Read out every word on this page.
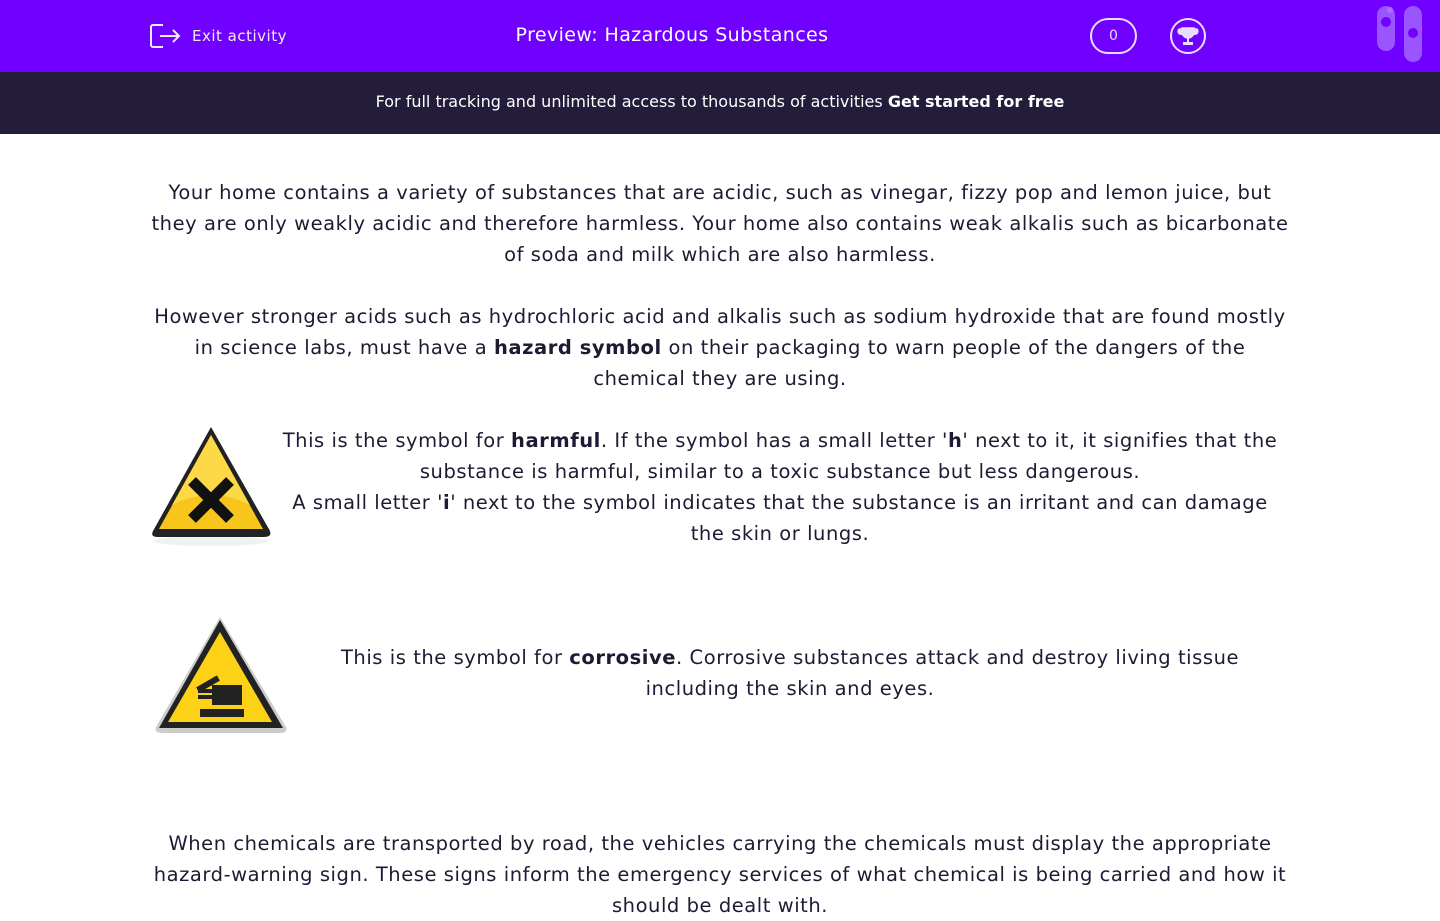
Exit activity	Preview: Hazardous Substances	0
For full tracking and unlimited access to thousands of activities Get started for free

Your home contains a variety of substances that are acidic, such as vinegar, fizzy pop and lemon juice, but they are only weakly acidic and therefore harmless. Your home also contains weak alkalis such as bicarbonate of soda and milk which are also harmless.

However stronger acids such as hydrochloric acid and alkalis such as sodium hydroxide that are found mostly in science labs, must have a hazard symbol on their packaging to warn people of the dangers of the chemical they are using.

This is the symbol for harmful. If the symbol has a small letter 'h' next to it, it signifies that the substance is harmful, similar to a toxic substance but less dangerous.
A small letter 'i' next to the symbol indicates that the substance is an irritant and can damage the skin or lungs.

This is the symbol for corrosive. Corrosive substances attack and destroy living tissue including the skin and eyes.

When chemicals are transported by road, the vehicles carrying the chemicals must display the appropriate hazard-warning sign. These signs inform the emergency services of what chemical is being carried and how it should be dealt with.
